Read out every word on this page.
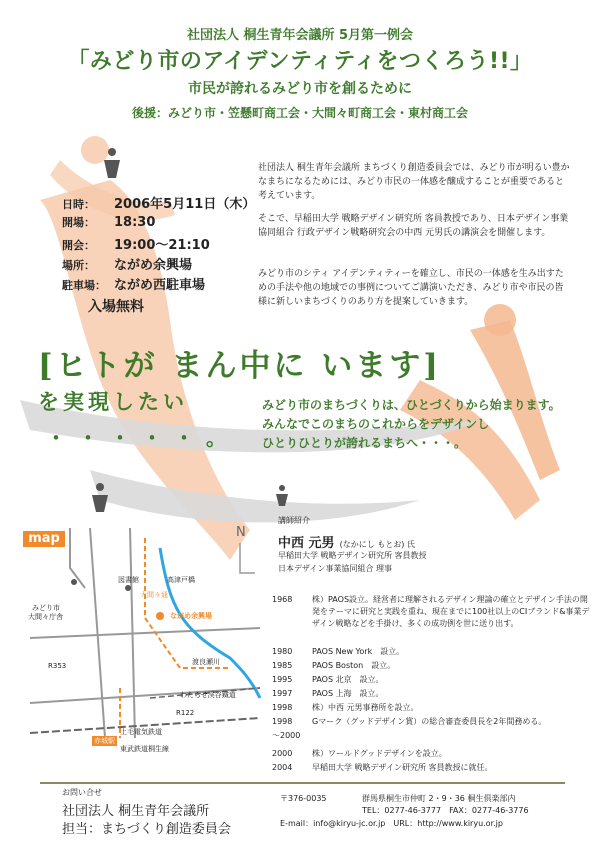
社団法人 桐生青年会議所 5月第一例会
「みどり市のアイデンティティをつくろう!!」
市民が誇れるみどり市を創るために
後援：みどり市・笠懸町商工会・大間々町商工会・東村商工会
日時： 2006年5月11日（木）
開場： 18:30
開会： 19:00～21:10
場所： ながめ余興場
駐車場： ながめ西駐車場
入場無料
社団法人 桐生青年会議所 まちづくり創造委員会では、みどり市が明るい豊かなまちになるためには、みどり市民の一体感を醸成することが重要であると考えています。
そこで、早稲田大学 戦略デザイン研究所 客員教授であり、日本デザイン事業協同組合 行政デザイン戦略研究会の中西 元男氏の講演会を開催します。
みどり市のシティ アイデンティティーを確立し、市民の一体感を生み出すための手法や他の地域での事例についてご講演いただき、みどり市や市民の皆様に新しいまちづくりのあり方を提案していきます。
[ヒトが まん中に います]
を実現したい
・・・・・。
みどり市のまちづくりは、ひとづくりから始まります。
みんなでこのまちのこれからをデザインし
ひとりひとりが誇れるまちへ・・・。
map	N
図書館	高津戸橋
みどり市
大間々庁舎
大間々通
ながめ余興場
渡良瀬川
R353
わたらせ渓谷鐵道
R122
上毛電気鉄道
赤城駅
東武鉄道桐生線
講師紹介
中西 元男 (なかにし もとお) 氏
早稲田大学 戦略デザイン研究所 客員教授
日本デザイン事業協同組合 理事
1968	株）PAOS設立。経営者に理解されるデザイン理論の確立とデザイン手法の開発をテーマに研究と実践を重ね、現在までに100社以上のCIブランド&事業デザイン戦略などを手掛け、多くの成功例を世に送り出す。
1980	PAOS New York　設立。
1985	PAOS Boston　設立。
1995	PAOS 北京　設立。
1997	PAOS 上海　設立。
1998	株）中西 元男事務所を設立。
1998	Gマーク（グッドデザイン賞）の総合審査委員長を2年間務める。
～2000
2000	株）ワールドグッドデザインを設立。
2004	早稲田大学 戦略デザイン研究所 客員教授に就任。
お問い合せ
社団法人 桐生青年会議所
担当：まちづくり創造委員会
〒376-0035	群馬県桐生市仲町 2・9・36 桐生倶楽部内
TEL：0277-46-3777　FAX：0277-46-3776
E-mail：info@kiryu-jc.or.jp　URL：http://www.kiryu.or.jp
